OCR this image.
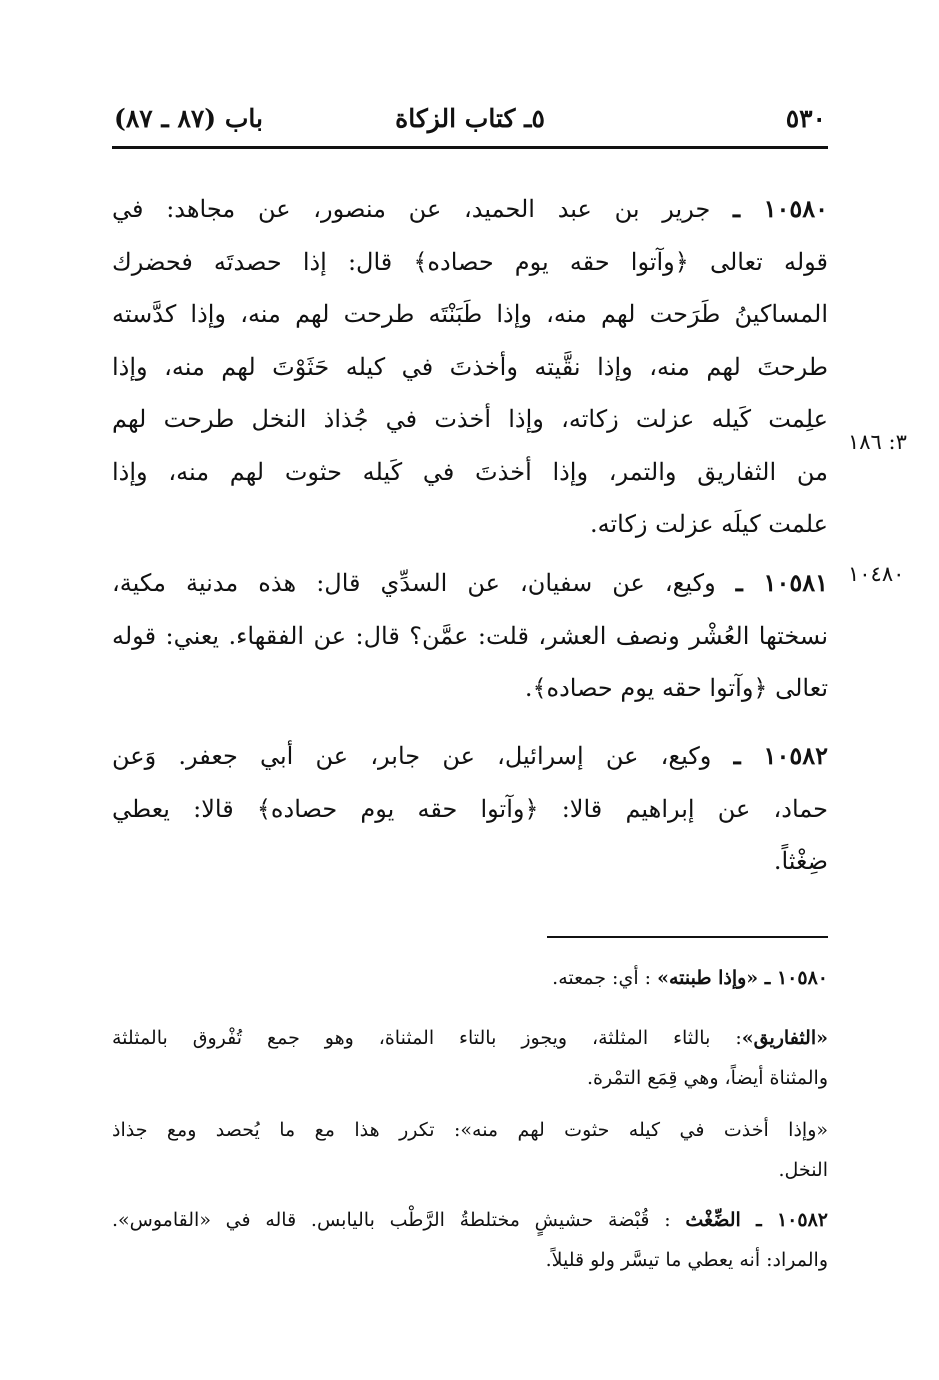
٥٣٠
٥ـ كتاب الزكاة
باب (٨٧ ـ ٨٧)
٣: ١٨٦
١٠٤٨٠
١٠٥٨٠ ـ جرير بن عبد الحميد، عن منصور، عن مجاهد: في
قوله تعالى ﴿وآتوا حقه يوم حصاده﴾ قال: إذا حصدتَه فحضرك
المساكينُ طَرَحت لهم منه، وإذا طَبَنْتَه طرحت لهم منه، وإذا كدَّسته
طرحتَ لهم منه، وإذا نقَّيته وأخذتَ في كيله حَثَوْتَ لهم منه، وإذا
علِمت كَيله عزلت زكاته، وإذا أخذت في جُذاذ النخل طرحت لهم
من الثفاريق والتمر، وإذا أخذتَ في كَيله حثوت لهم منه، وإذا
علمت كيلَه عزلت زكاته.
١٠٥٨١ ـ وكيع، عن سفيان، عن السدِّي قال: هذه مدنية مكية،
نسختها العُشْر ونصف العشر، قلت: عمَّن؟ قال: عن الفقهاء. يعني: قوله
تعالى ﴿وآتوا حقه يوم حصاده﴾.
١٠٥٨٢ ـ وكيع، عن إسرائيل، عن جابر، عن أبي جعفر. وَعن
حماد، عن إبراهيم قالا: ﴿وآتوا حقه يوم حصاده﴾ قالا: يعطي
ضِغْثاً.
١٠٥٨٠ ـ «وإذا طبنته» : أي: جمعته.
«الثفاريق»: بالثاء المثلثة، ويجوز بالتاء المثناة، وهو جمع تُفْروق بالمثلثة
والمثناة أيضاً، وهي قِمَع التمْرة.
«وإذا أخذت في كيله حثوت لهم منه»: تكرر هذا مع ما يُحصد ومع جذاذ
النخل.
١٠٥٨٢ ـ الضِّغْث : قُبْضة حشيشٍ مختلطةُ الرَّطْب باليابس. قاله في «القاموس».
والمراد: أنه يعطي ما تيسَّر ولو قليلاً.
